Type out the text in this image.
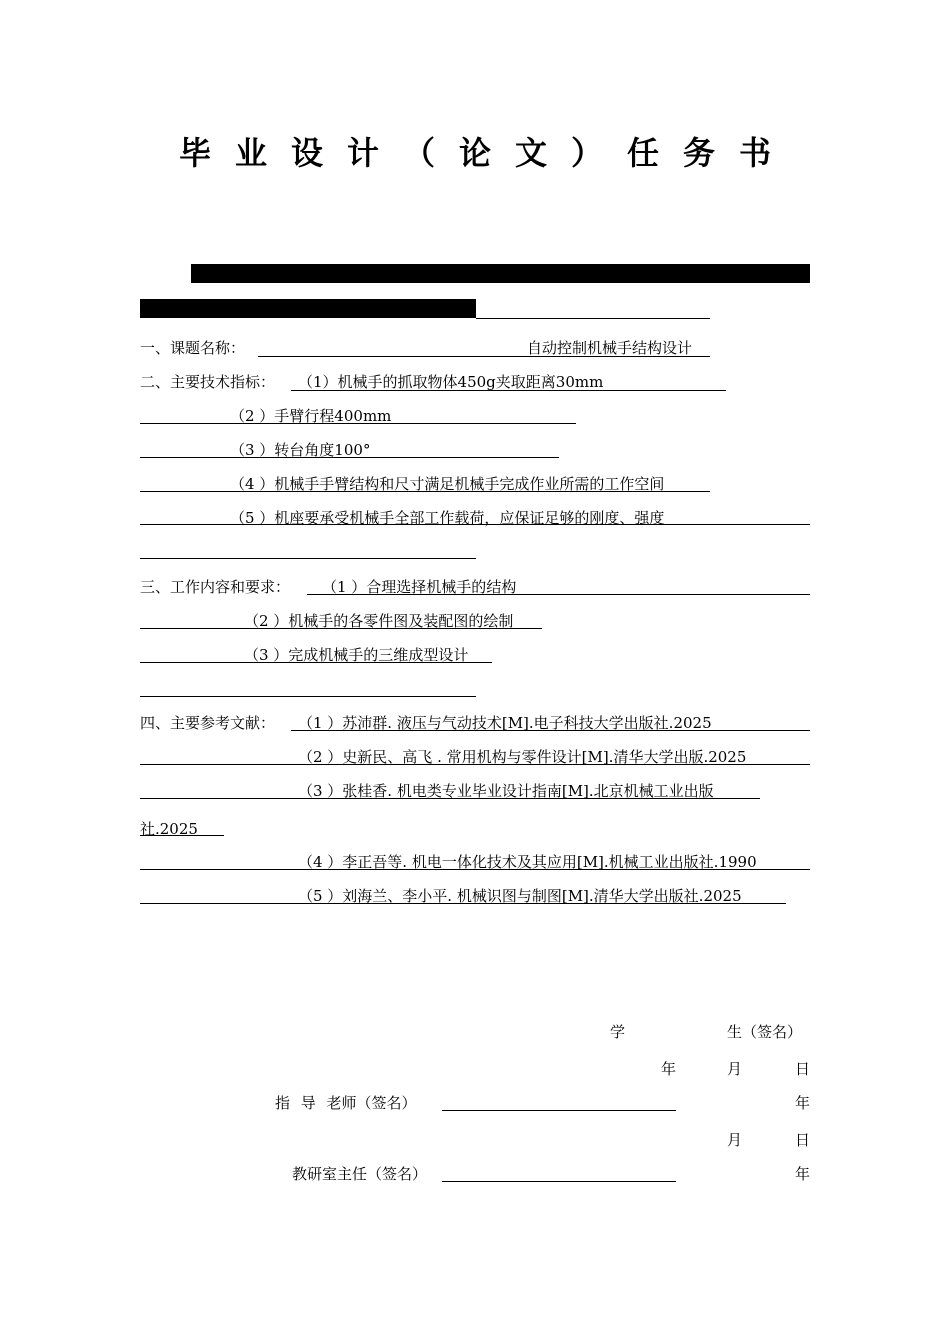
毕业设计（论文）任务书
一、课题名称：	自动控制机械手结构设计
二、主要技术指标： （1）机械手的抓取物体450g夹取距离30mm
（2 ）手臂行程400mm
（3 ）转台角度100°
（4 ）机械手手臂结构和尺寸满足机械手完成作业所需的工作空间
（5 ）机座要承受机械手全部工作载荷，应保证足够的刚度、强度
三、工作内容和要求： （1 ）合理选择机械手的结构
（2 ）机械手的各零件图及装配图的绘制
（3 ）完成机械手的三维成型设计
四、主要参考文献： （1 ）苏沛群. 液压与气动技术[M].电子科技大学出版社.2025
（2 ）史新民、高飞 . 常用机构与零件设计[M].清华大学出版.2025
（3 ）张桂香. 机电类专业毕业设计指南[M].北京机械工业出版
社.2025
（4 ）李正吾等. 机电一体化技术及其应用[M].机械工业出版社.1990
（5 ）刘海兰、李小平. 机械识图与制图[M].清华大学出版社.2025
学	生（签名）
年	月	日
指 导 老师（签名）	年
月	日
教研室主任（签名）	年
